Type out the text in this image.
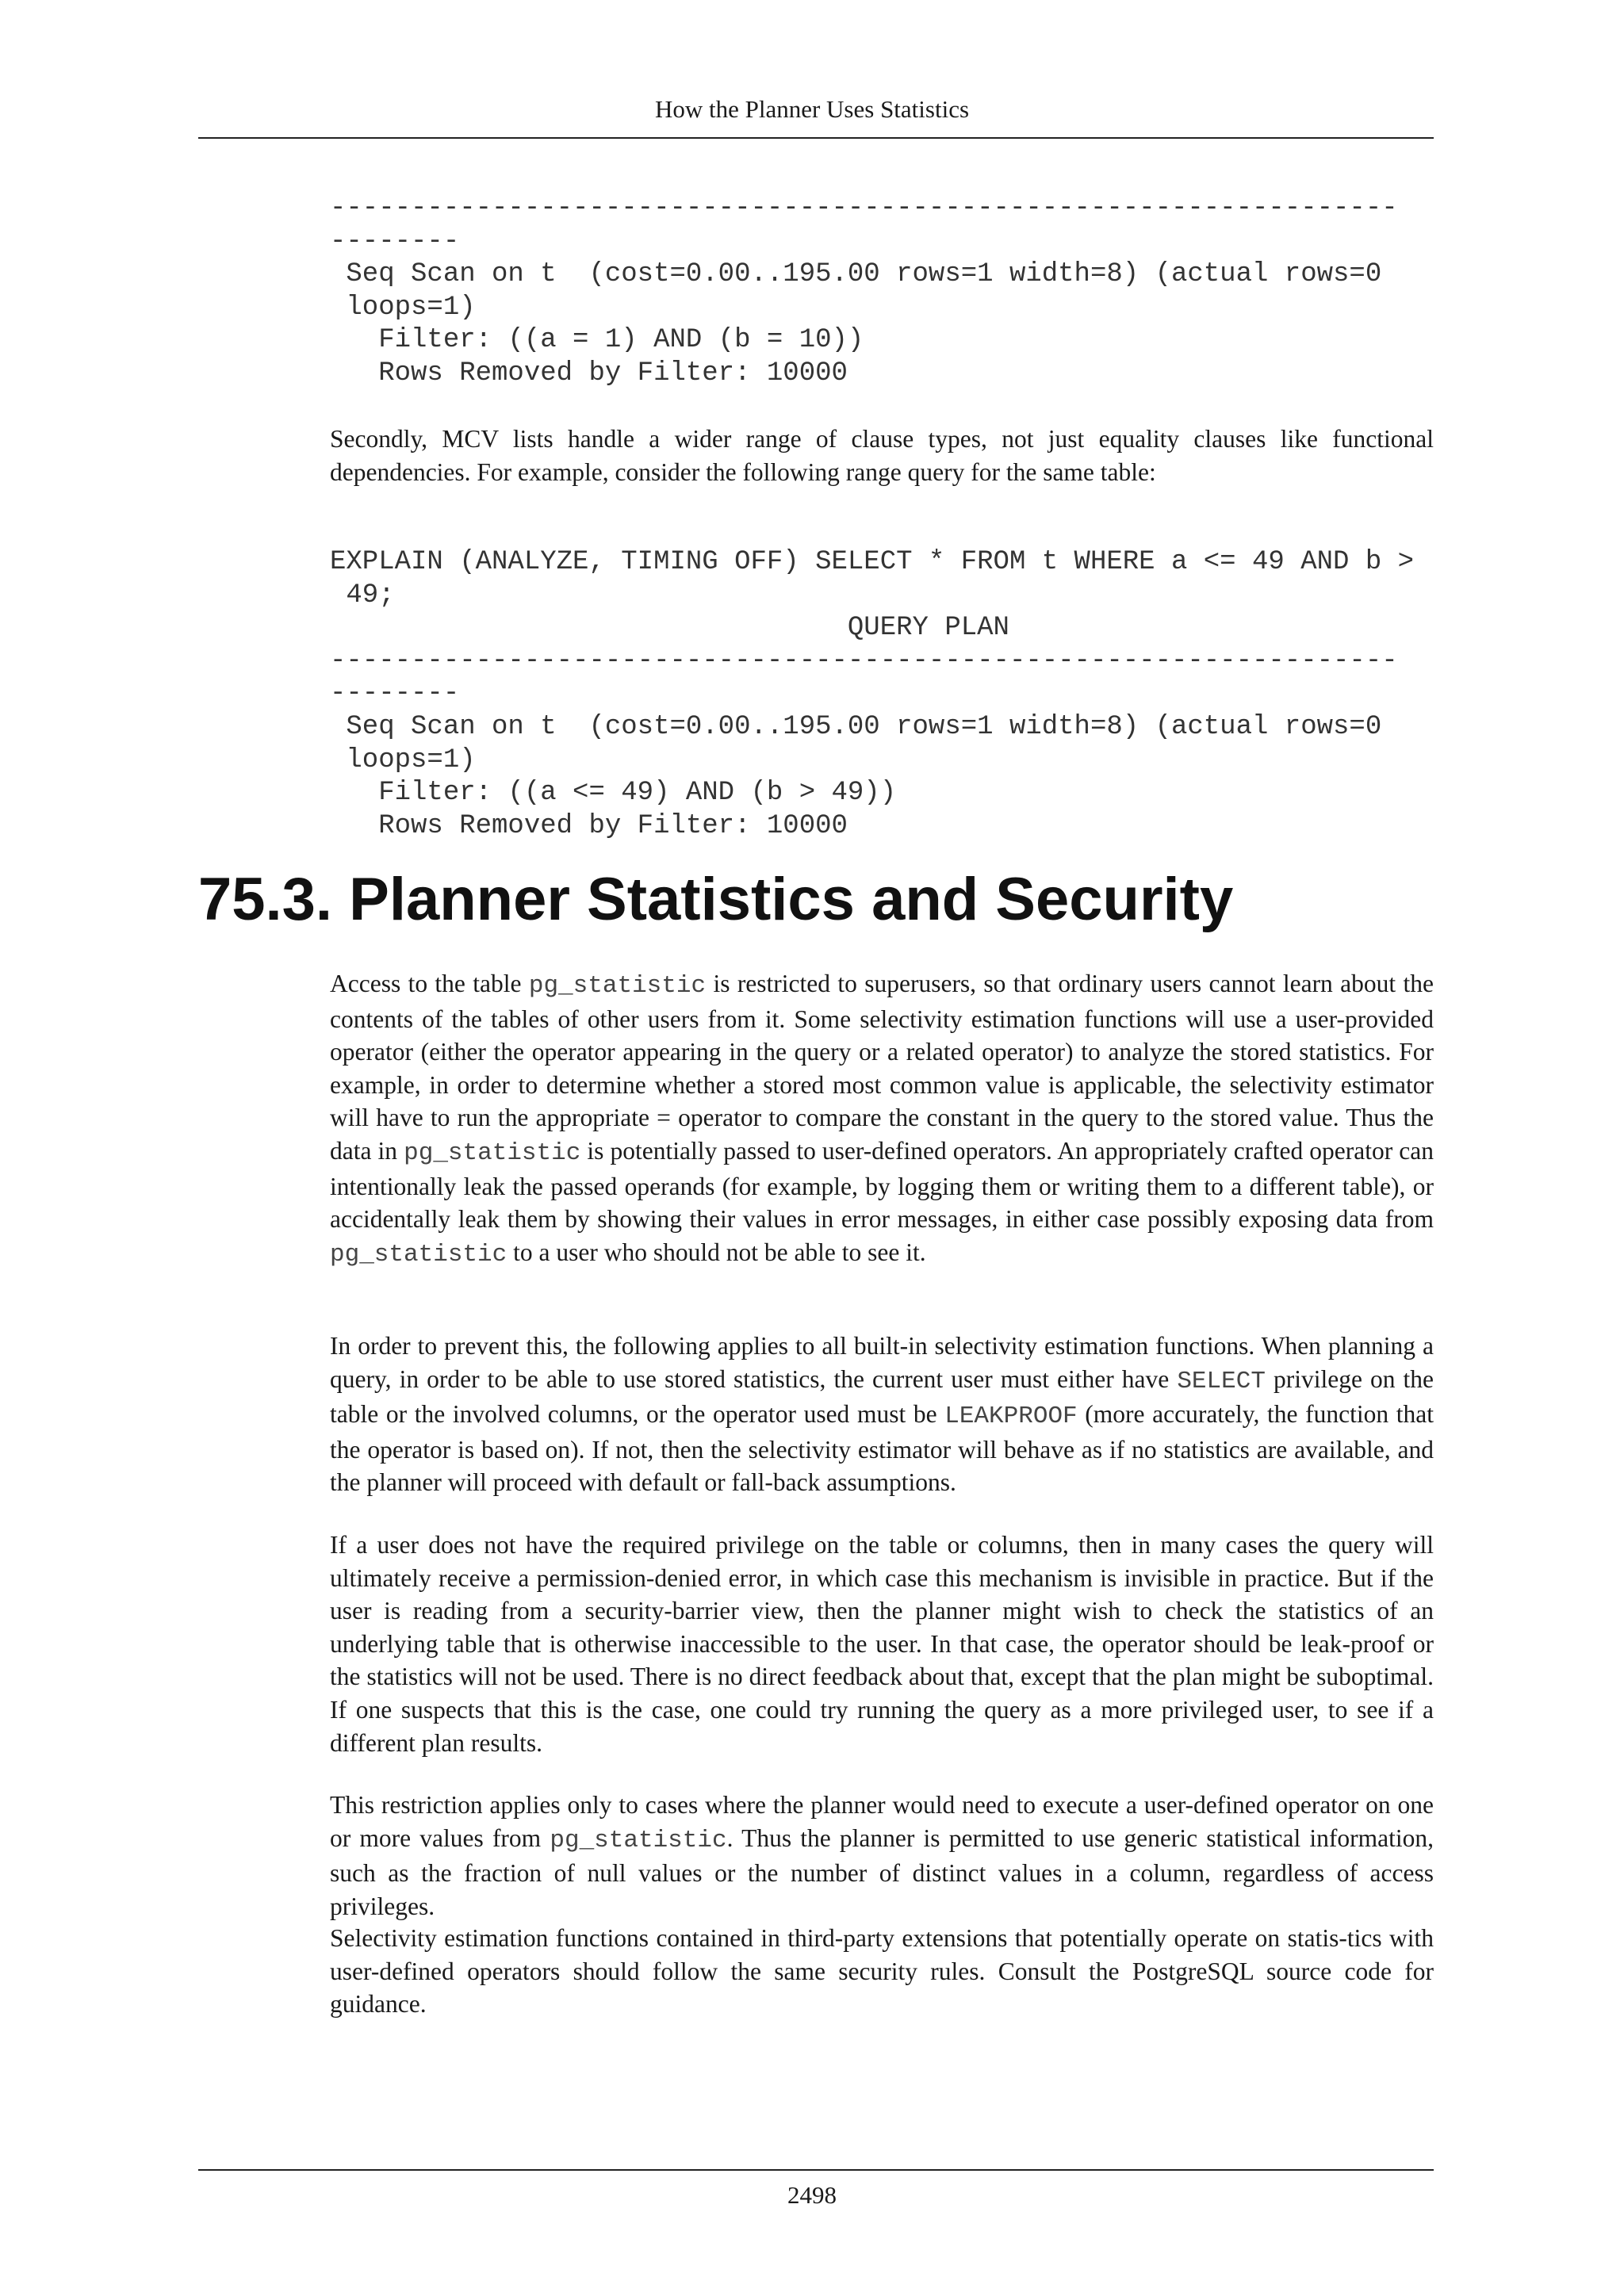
How the Planner Uses Statistics
------------------------------------------------------------------
--------
Seq Scan on t  (cost=0.00..195.00 rows=1 width=8) (actual rows=0
loops=1)
Filter: ((a = 1) AND (b = 10))
Rows Removed by Filter: 10000

Secondly, MCV lists handle a wider range of clause types, not just equality clauses like functional dependencies. For example, consider the following range query for the same table:

EXPLAIN (ANALYZE, TIMING OFF) SELECT * FROM t WHERE a <= 49 AND b >
49;
QUERY PLAN
------------------------------------------------------------------
--------
Seq Scan on t  (cost=0.00..195.00 rows=1 width=8) (actual rows=0
loops=1)
Filter: ((a <= 49) AND (b > 49))
Rows Removed by Filter: 10000
75.3. Planner Statistics and Security

Access to the table pg_statistic is restricted to superusers, so that ordinary users cannot learn about the contents of the tables of other users from it. Some selectivity estimation functions will use a user-provided operator (either the operator appearing in the query or a related operator) to analyze the stored statistics. For example, in order to determine whether a stored most common value is applicable, the selectivity estimator will have to run the appropriate = operator to compare the constant in the query to the stored value. Thus the data in pg_statistic is potentially passed to user-defined operators. An appropriately crafted operator can intentionally leak the passed operands (for example, by logging them or writing them to a different table), or accidentally leak them by showing their values in error messages, in either case possibly exposing data from pg_statistic to a user who should not be able to see it.

In order to prevent this, the following applies to all built-in selectivity estimation functions. When planning a query, in order to be able to use stored statistics, the current user must either have SELECT privilege on the table or the involved columns, or the operator used must be LEAKPROOF (more accurately, the function that the operator is based on). If not, then the selectivity estimator will behave as if no statistics are available, and the planner will proceed with default or fall-back assumptions.

If a user does not have the required privilege on the table or columns, then in many cases the query will ultimately receive a permission-denied error, in which case this mechanism is invisible in practice. But if the user is reading from a security-barrier view, then the planner might wish to check the statistics of an underlying table that is otherwise inaccessible to the user. In that case, the operator should be leak-proof or the statistics will not be used. There is no direct feedback about that, except that the plan might be suboptimal. If one suspects that this is the case, one could try running the query as a more privileged user, to see if a different plan results.

This restriction applies only to cases where the planner would need to execute a user-defined operator on one or more values from pg_statistic. Thus the planner is permitted to use generic statistical information, such as the fraction of null values or the number of distinct values in a column, regardless of access privileges.

Selectivity estimation functions contained in third-party extensions that potentially operate on statis-tics with user-defined operators should follow the same security rules. Consult the PostgreSQL source code for guidance.

2498
